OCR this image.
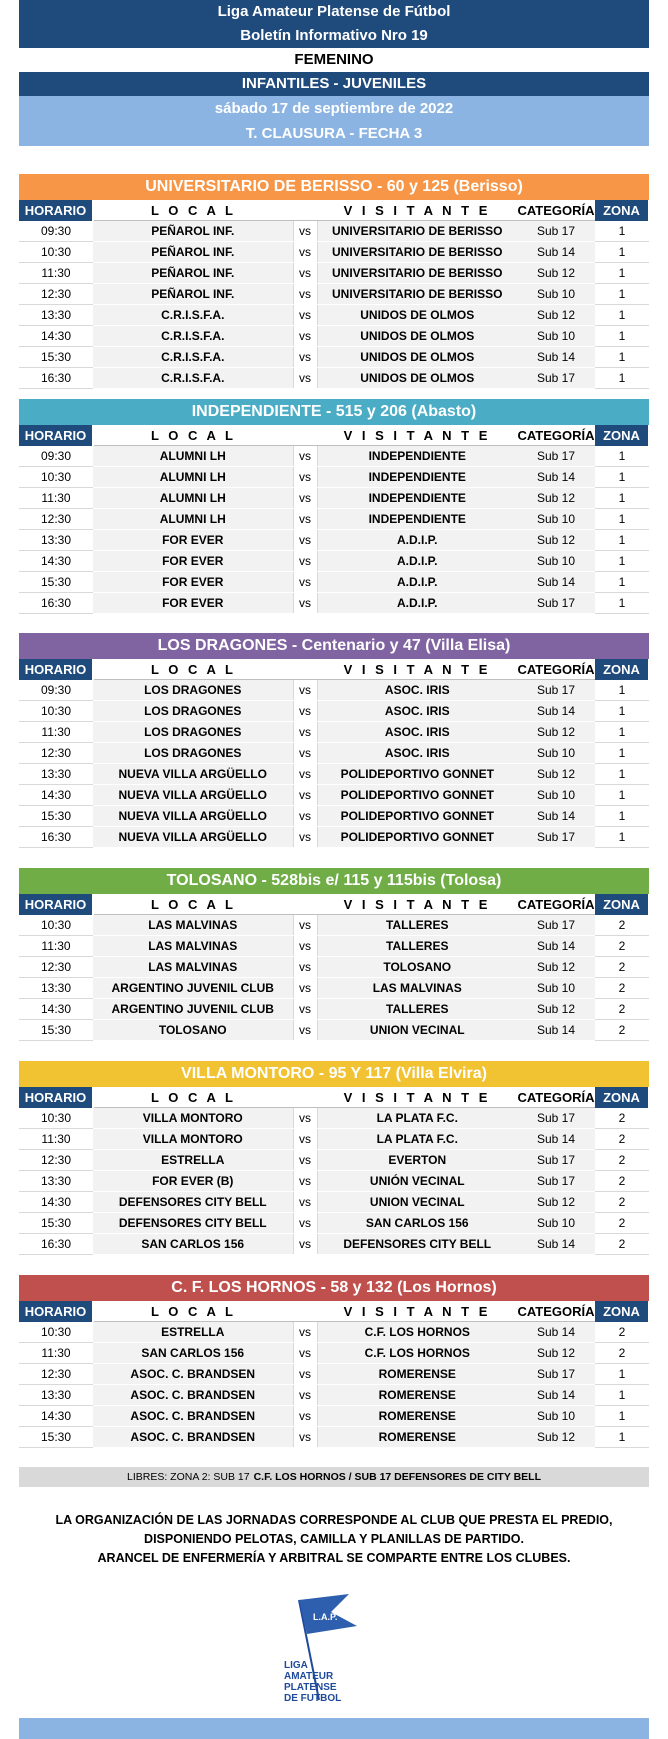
Liga Amateur Platense de Fútbol
Boletín Informativo Nro 19
FEMENINO
INFANTILES - JUVENILES
sábado 17 de septiembre de 2022
T. CLAUSURA - FECHA 3
UNIVERSITARIO DE BERISSO - 60 y 125 (Berisso)
HORARIO	L O C A L		V I S I T A N T E	CATEGORÍA	ZONA
09:30	PEÑAROL INF.	vs	UNIVERSITARIO DE BERISSO	Sub 17	1
10:30	PEÑAROL INF.	vs	UNIVERSITARIO DE BERISSO	Sub 14	1
11:30	PEÑAROL INF.	vs	UNIVERSITARIO DE BERISSO	Sub 12	1
12:30	PEÑAROL INF.	vs	UNIVERSITARIO DE BERISSO	Sub 10	1
13:30	C.R.I.S.F.A.	vs	UNIDOS DE OLMOS	Sub 12	1
14:30	C.R.I.S.F.A.	vs	UNIDOS DE OLMOS	Sub 10	1
15:30	C.R.I.S.F.A.	vs	UNIDOS DE OLMOS	Sub 14	1
16:30	C.R.I.S.F.A.	vs	UNIDOS DE OLMOS	Sub 17	1
INDEPENDIENTE - 515 y 206 (Abasto)
HORARIO	L O C A L		V I S I T A N T E	CATEGORÍA	ZONA
09:30	ALUMNI LH	vs	INDEPENDIENTE	Sub 17	1
10:30	ALUMNI LH	vs	INDEPENDIENTE	Sub 14	1
11:30	ALUMNI LH	vs	INDEPENDIENTE	Sub 12	1
12:30	ALUMNI LH	vs	INDEPENDIENTE	Sub 10	1
13:30	FOR EVER	vs	A.D.I.P.	Sub 12	1
14:30	FOR EVER	vs	A.D.I.P.	Sub 10	1
15:30	FOR EVER	vs	A.D.I.P.	Sub 14	1
16:30	FOR EVER	vs	A.D.I.P.	Sub 17	1
LOS DRAGONES - Centenario y 47 (Villa Elisa)
HORARIO	L O C A L		V I S I T A N T E	CATEGORÍA	ZONA
09:30	LOS DRAGONES	vs	ASOC. IRIS	Sub 17	1
10:30	LOS DRAGONES	vs	ASOC. IRIS	Sub 14	1
11:30	LOS DRAGONES	vs	ASOC. IRIS	Sub 12	1
12:30	LOS DRAGONES	vs	ASOC. IRIS	Sub 10	1
13:30	NUEVA VILLA ARGÜELLO	vs	POLIDEPORTIVO GONNET	Sub 12	1
14:30	NUEVA VILLA ARGÜELLO	vs	POLIDEPORTIVO GONNET	Sub 10	1
15:30	NUEVA VILLA ARGÜELLO	vs	POLIDEPORTIVO GONNET	Sub 14	1
16:30	NUEVA VILLA ARGÜELLO	vs	POLIDEPORTIVO GONNET	Sub 17	1
TOLOSANO - 528bis e/ 115 y 115bis (Tolosa)
HORARIO	L O C A L		V I S I T A N T E	CATEGORÍA	ZONA
10:30	LAS MALVINAS	vs	TALLERES	Sub 17	2
11:30	LAS MALVINAS	vs	TALLERES	Sub 14	2
12:30	LAS MALVINAS	vs	TOLOSANO	Sub 12	2
13:30	ARGENTINO JUVENIL CLUB	vs	LAS MALVINAS	Sub 10	2
14:30	ARGENTINO JUVENIL CLUB	vs	TALLERES	Sub 12	2
15:30	TOLOSANO	vs	UNION VECINAL	Sub 14	2
VILLA MONTORO - 95 Y 117 (Villa Elvira)
HORARIO	L O C A L		V I S I T A N T E	CATEGORÍA	ZONA
10:30	VILLA MONTORO	vs	LA PLATA F.C.	Sub 17	2
11:30	VILLA MONTORO	vs	LA PLATA F.C.	Sub 14	2
12:30	ESTRELLA	vs	EVERTON	Sub 17	2
13:30	FOR EVER (B)	vs	UNIÓN VECINAL	Sub 17	2
14:30	DEFENSORES CITY BELL	vs	UNION VECINAL	Sub 12	2
15:30	DEFENSORES CITY BELL	vs	SAN CARLOS 156	Sub 10	2
16:30	SAN CARLOS 156	vs	DEFENSORES CITY BELL	Sub 14	2
C. F. LOS HORNOS - 58 y 132 (Los Hornos)
HORARIO	L O C A L		V I S I T A N T E	CATEGORÍA	ZONA
10:30	ESTRELLA	vs	C.F. LOS HORNOS	Sub 14	2
11:30	SAN CARLOS 156	vs	C.F. LOS HORNOS	Sub 12	2
12:30	ASOC. C. BRANDSEN	vs	ROMERENSE	Sub 17	1
13:30	ASOC. C. BRANDSEN	vs	ROMERENSE	Sub 14	1
14:30	ASOC. C. BRANDSEN	vs	ROMERENSE	Sub 10	1
15:30	ASOC. C. BRANDSEN	vs	ROMERENSE	Sub 12	1
LIBRES: ZONA 2: SUB 17 C.F. LOS HORNOS / SUB 17 DEFENSORES DE CITY BELL
LA ORGANIZACIÓN DE LAS JORNADAS CORRESPONDE AL CLUB QUE PRESTA EL PREDIO,
DISPONIENDO PELOTAS, CAMILLA Y PLANILLAS DE PARTIDO.
ARANCEL DE ENFERMERÍA Y ARBITRAL SE COMPARTE ENTRE LOS CLUBES.
L.A.P.
LIGA
AMATEUR
PLATENSE
DE FUTBOL
